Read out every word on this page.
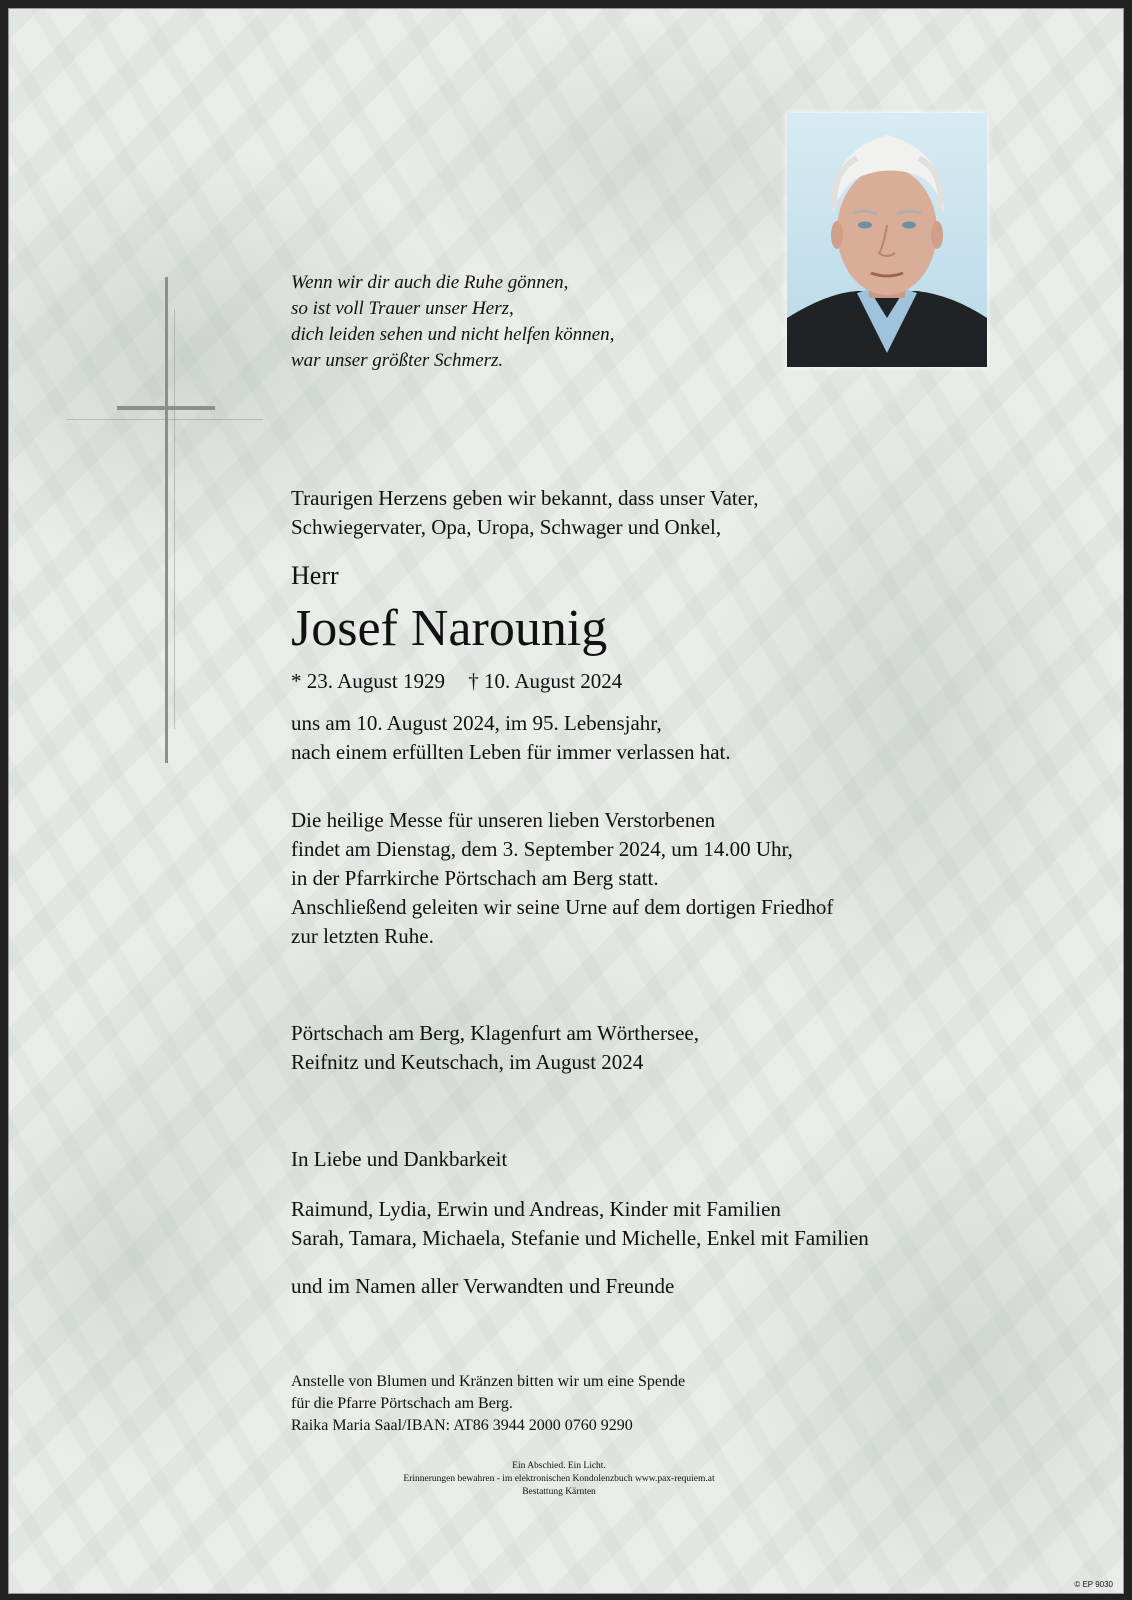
Wenn wir dir auch die Ruhe gönnen,
so ist voll Trauer unser Herz,
dich leiden sehen und nicht helfen können,
war unser größter Schmerz.
Traurigen Herzens geben wir bekannt, dass unser Vater,
Schwiegervater, Opa, Uropa, Schwager und Onkel,
Herr
Josef Narounig
* 23. August 1929 † 10. August 2024
uns am 10. August 2024, im 95. Lebensjahr,
nach einem erfüllten Leben für immer verlassen hat.
Die heilige Messe für unseren lieben Verstorbenen
findet am Dienstag, dem 3. September 2024, um 14.00 Uhr,
in der Pfarrkirche Pörtschach am Berg statt.
Anschließend geleiten wir seine Urne auf dem dortigen Friedhof
zur letzten Ruhe.
Pörtschach am Berg, Klagenfurt am Wörthersee,
Reifnitz und Keutschach, im August 2024
In Liebe und Dankbarkeit
Raimund, Lydia, Erwin und Andreas, Kinder mit Familien
Sarah, Tamara, Michaela, Stefanie und Michelle, Enkel mit Familien
und im Namen aller Verwandten und Freunde
Anstelle von Blumen und Kränzen bitten wir um eine Spende
für die Pfarre Pörtschach am Berg.
Raika Maria Saal/IBAN: AT86 3944 2000 0760 9290
Ein Abschied. Ein Licht.
Erinnerungen bewahren - im elektronischen Kondolenzbuch www.pax-requiem.at
Bestattung Kärnten
© EP 9030
